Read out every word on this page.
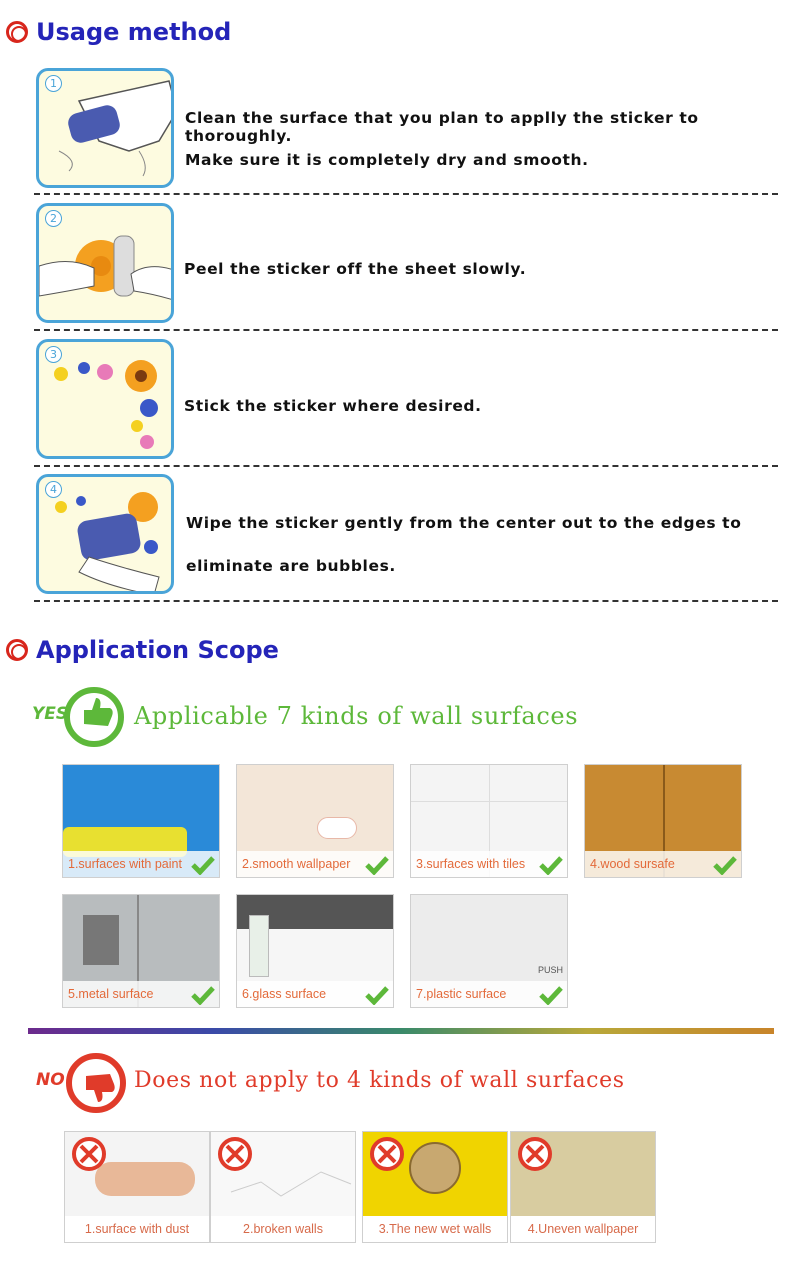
Usage method
1
Clean the surface that you plan to applly the sticker to thoroughly.
Make sure it is completely dry and smooth.
2
Peel the sticker off the sheet slowly.
3
Stick the sticker where desired.
4
Wipe the sticker gently from the center out to the edges to
eliminate are bubbles.
Application Scope
YES	Applicable 7 kinds of wall surfaces
1.surfaces with paint	2.smooth wallpaper	3.surfaces with tiles	4.wood sursafe
5.metal surface	6.glass surface
PUSH
7.plastic surface
NO	Does not apply to 4 kinds of wall surfaces
1.surface with dust	2.broken walls	3.The new wet walls	4.Uneven wallpaper
